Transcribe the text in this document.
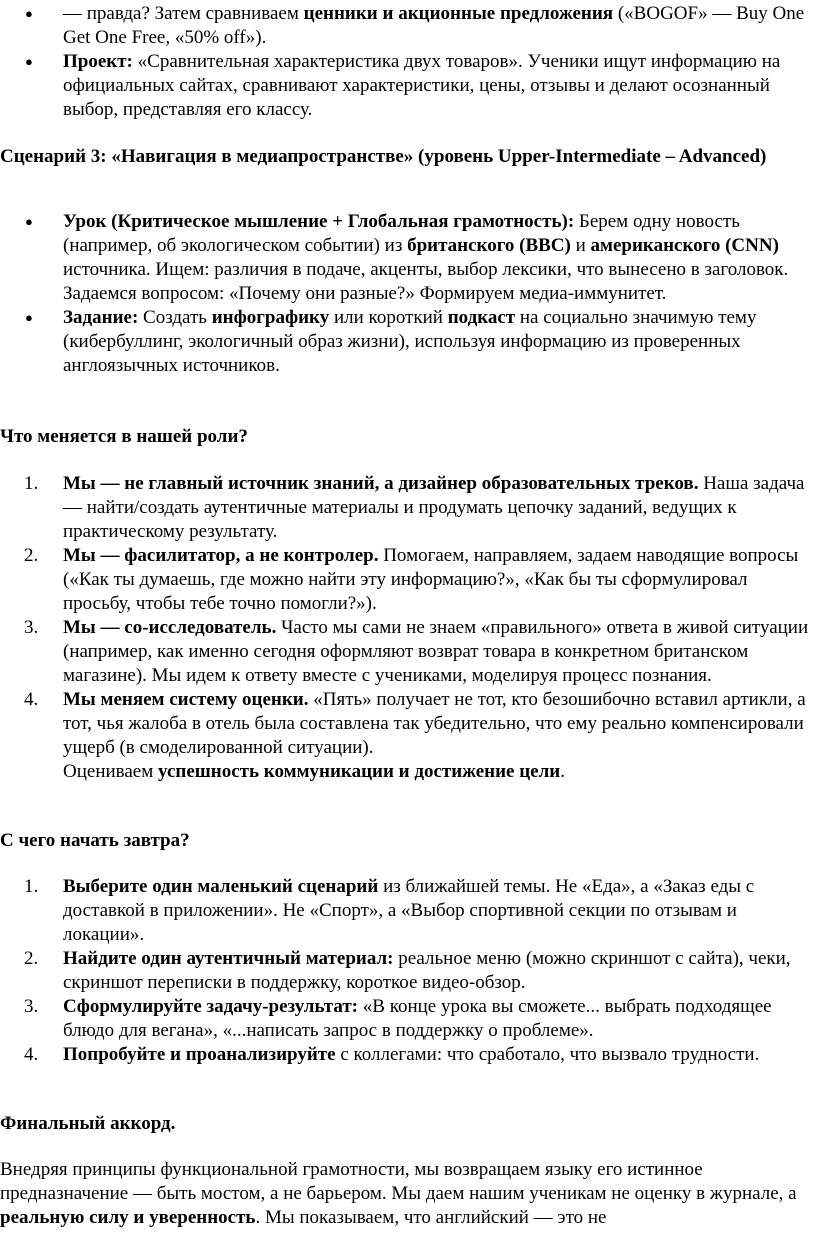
● — правда? Затем сравниваем ценники и акционные предложения («BOGOF» — Buy One Get One Free, «50% off»).
● Проект: «Сравнительная характеристика двух товаров». Ученики ищут информацию на официальных сайтах, сравнивают характеристики, цены, отзывы и делают осознанный выбор, представляя его классу.
Сценарий 3: «Навигация в медиапространстве» (уровень Upper-Intermediate – Advanced)
● Урок (Критическое мышление + Глобальная грамотность): Берем одну новость (например, об экологическом событии) из британского (BBC) и американского (CNN) источника. Ищем: различия в подаче, акценты, выбор лексики, что вынесено в заголовок. Задаемся вопросом: «Почему они разные?» Формируем медиа-иммунитет.
● Задание: Создать инфографику или короткий подкаст на социально значимую тему (кибербуллинг, экологичный образ жизни), используя информацию из проверенных англоязычных источников.
Что меняется в нашей роли?
1. Мы — не главный источник знаний, а дизайнер образовательных треков. Наша задача — найти/создать аутентичные материалы и продумать цепочку заданий, ведущих к практическому результату.
2. Мы — фасилитатор, а не контролер. Помогаем, направляем, задаем наводящие вопросы («Как ты думаешь, где можно найти эту информацию?», «Как бы ты сформулировал просьбу, чтобы тебе точно помогли?»).
3. Мы — со-исследователь. Часто мы сами не знаем «правильного» ответа в живой ситуации (например, как именно сегодня оформляют возврат товара в конкретном британском магазине). Мы идем к ответу вместе с учениками, моделируя процесс познания.
4. Мы меняем систему оценки. «Пять» получает не тот, кто безошибочно вставил артикли, а тот, чья жалоба в отель была составлена так убедительно, что ему реально компенсировали ущерб (в смоделированной ситуации).
Оцениваем успешность коммуникации и достижение цели.
С чего начать завтра?
1. Выберите один маленький сценарий из ближайшей темы. Не «Еда», а «Заказ еды с доставкой в приложении». Не «Спорт», а «Выбор спортивной секции по отзывам и локации».
2. Найдите один аутентичный материал: реальное меню (можно скриншот с сайта), чеки, скриншот переписки в поддержку, короткое видео-обзор.
3. Сформулируйте задачу-результат: «В конце урока вы сможете... выбрать подходящее блюдо для вегана», «...написать запрос в поддержку о проблеме».
4. Попробуйте и проанализируйте с коллегами: что сработало, что вызвало трудности.
Финальный аккорд.
Внедряя принципы функциональной грамотности, мы возвращаем языку его истинное предназначение — быть мостом, а не барьером. Мы даем нашим ученикам не оценку в журнале, а реальную силу и уверенность. Мы показываем, что английский — это не
